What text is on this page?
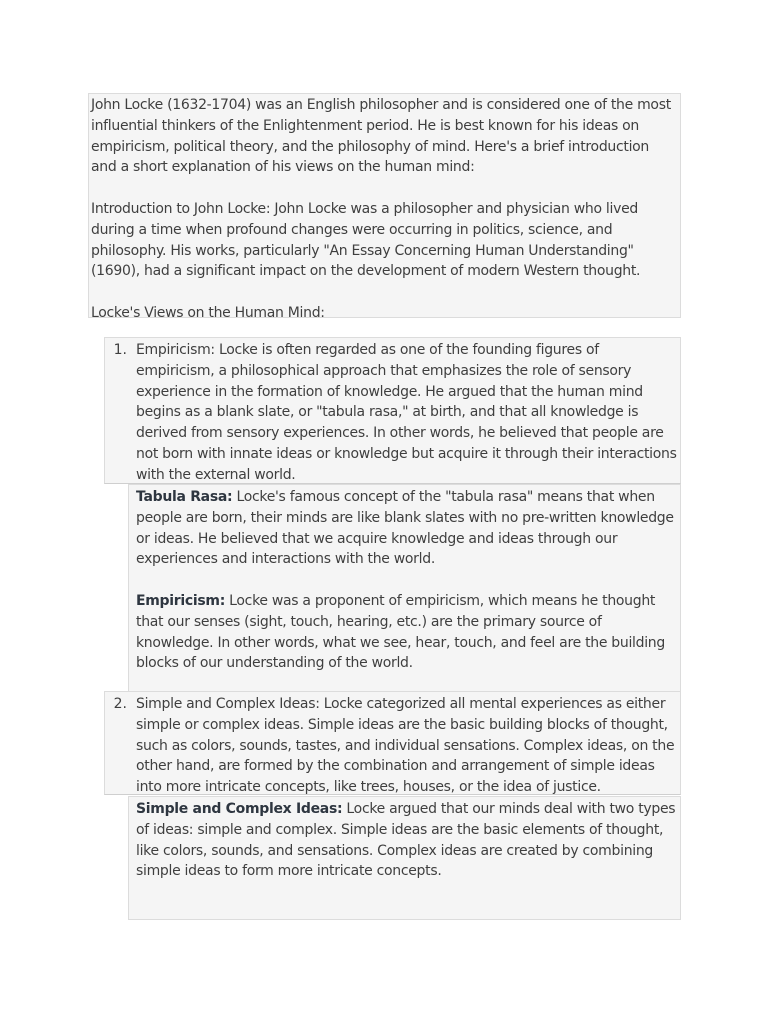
John Locke (1632-1704) was an English philosopher and is considered one of the most influential thinkers of the Enlightenment period. He is best known for his ideas on empiricism, political theory, and the philosophy of mind. Here's a brief introduction and a short explanation of his views on the human mind:

Introduction to John Locke: John Locke was a philosopher and physician who lived during a time when profound changes were occurring in politics, science, and philosophy. His works, particularly "An Essay Concerning Human Understanding" (1690), had a significant impact on the development of modern Western thought.

Locke's Views on the Human Mind:

1. Empiricism: Locke is often regarded as one of the founding figures of empiricism, a philosophical approach that emphasizes the role of sensory experience in the formation of knowledge. He argued that the human mind begins as a blank slate, or "tabula rasa," at birth, and that all knowledge is derived from sensory experiences. In other words, he believed that people are not born with innate ideas or knowledge but acquire it through their interactions with the external world.

Tabula Rasa: Locke's famous concept of the "tabula rasa" means that when people are born, their minds are like blank slates with no pre-written knowledge or ideas. He believed that we acquire knowledge and ideas through our experiences and interactions with the world.

Empiricism: Locke was a proponent of empiricism, which means he thought that our senses (sight, touch, hearing, etc.) are the primary source of knowledge. In other words, what we see, hear, touch, and feel are the building blocks of our understanding of the world.

2. Simple and Complex Ideas: Locke categorized all mental experiences as either simple or complex ideas. Simple ideas are the basic building blocks of thought, such as colors, sounds, tastes, and individual sensations. Complex ideas, on the other hand, are formed by the combination and arrangement of simple ideas into more intricate concepts, like trees, houses, or the idea of justice.

Simple and Complex Ideas: Locke argued that our minds deal with two types of ideas: simple and complex. Simple ideas are the basic elements of thought, like colors, sounds, and sensations. Complex ideas are created by combining simple ideas to form more intricate concepts.
